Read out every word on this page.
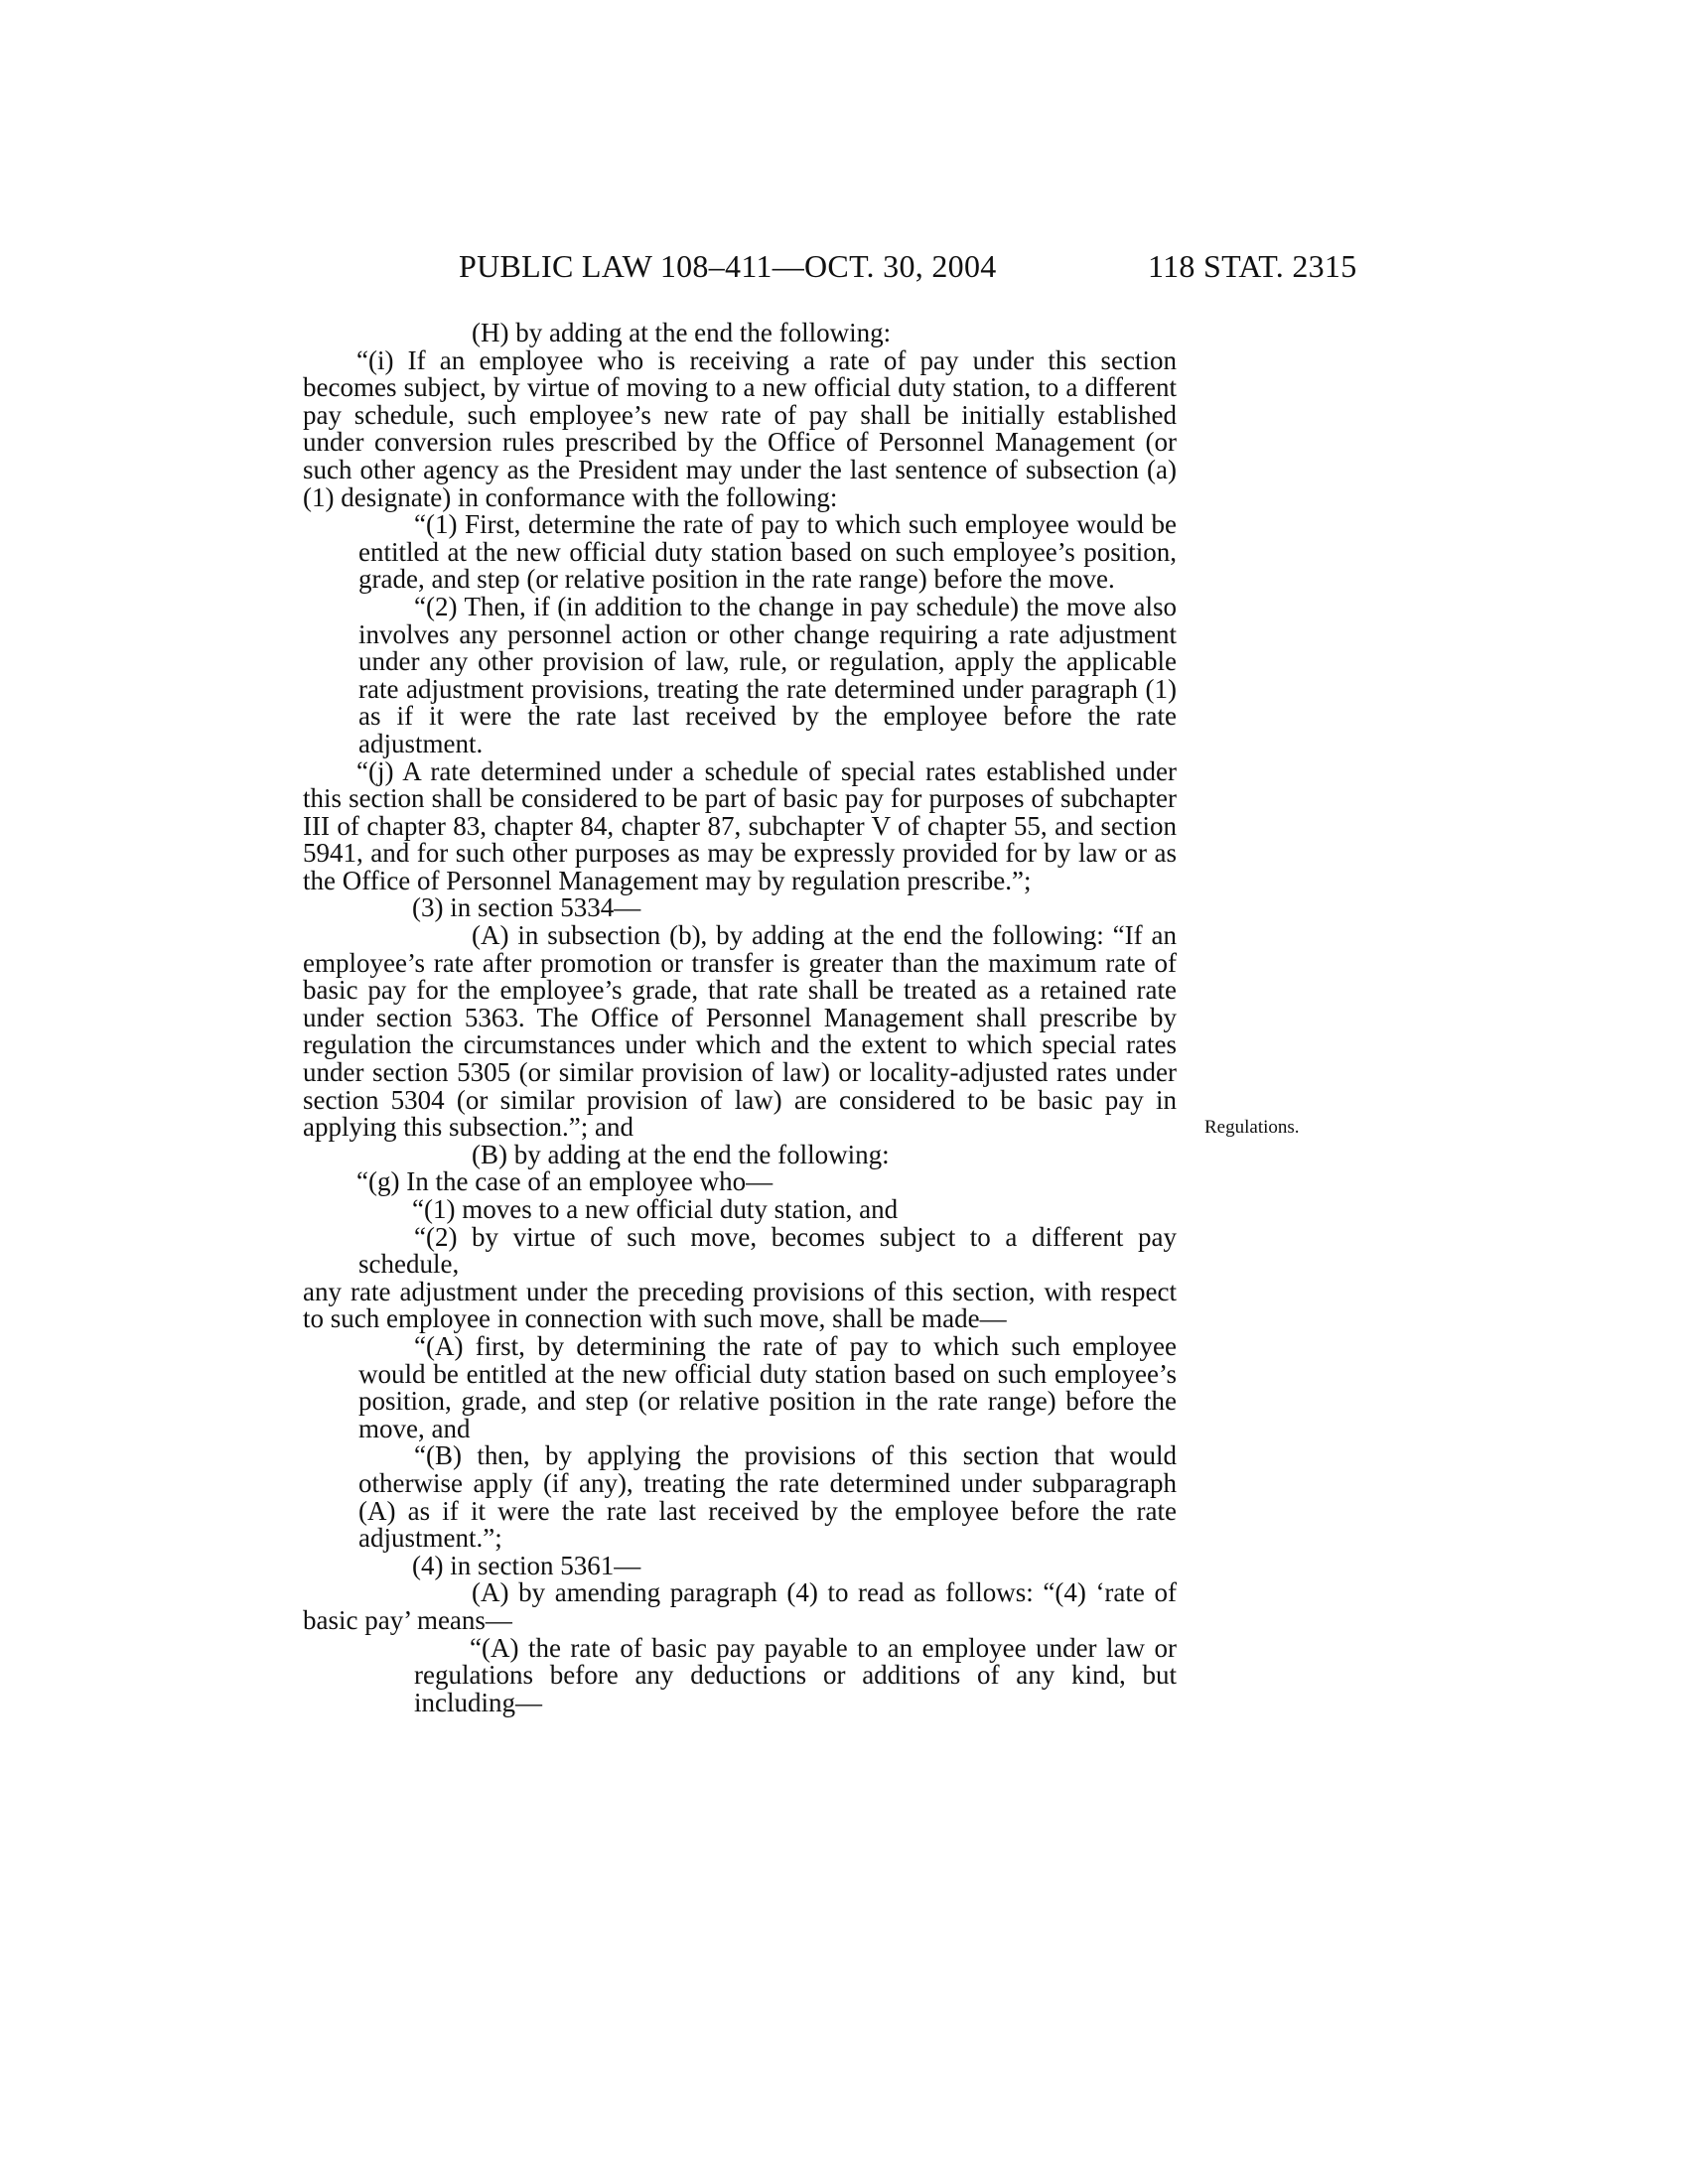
PUBLIC LAW 108–411—OCT. 30, 2004	118 STAT. 2315

(H) by adding at the end the following:

“(i) If an employee who is receiving a rate of pay under this section becomes subject, by virtue of moving to a new official duty station, to a different pay schedule, such employee’s new rate of pay shall be initially established under conversion rules prescribed by the Office of Personnel Management (or such other agency as the President may under the last sentence of subsection (a)(1) designate) in conformance with the following:

“(1) First, determine the rate of pay to which such employee would be entitled at the new official duty station based on such employee’s position, grade, and step (or relative position in the rate range) before the move.

“(2) Then, if (in addition to the change in pay schedule) the move also involves any personnel action or other change requiring a rate adjustment under any other provision of law, rule, or regulation, apply the applicable rate adjustment provisions, treating the rate determined under paragraph (1) as if it were the rate last received by the employee before the rate adjustment.

“(j) A rate determined under a schedule of special rates established under this section shall be considered to be part of basic pay for purposes of subchapter III of chapter 83, chapter 84, chapter 87, subchapter V of chapter 55, and section 5941, and for such other purposes as may be expressly provided for by law or as the Office of Personnel Management may by regulation prescribe.”;

(3) in section 5334—

(A) in subsection (b), by adding at the end the following: “If an employee’s rate after promotion or transfer is greater than the maximum rate of basic pay for the employee’s grade, that rate shall be treated as a retained rate under section 5363. The Office of Personnel Management shall prescribe by regulation the circumstances under which and the extent to which special rates under section 5305 (or similar provision of law) or locality-adjusted rates under section 5304 (or similar provision of law) are considered to be basic pay in applying this subsection.”; and

(B) by adding at the end the following:

“(g) In the case of an employee who—

“(1) moves to a new official duty station, and

“(2) by virtue of such move, becomes subject to a different pay schedule,

any rate adjustment under the preceding provisions of this section, with respect to such employee in connection with such move, shall be made—

“(A) first, by determining the rate of pay to which such employee would be entitled at the new official duty station based on such employee’s position, grade, and step (or relative position in the rate range) before the move, and

“(B) then, by applying the provisions of this section that would otherwise apply (if any), treating the rate determined under subparagraph (A) as if it were the rate last received by the employee before the rate adjustment.”;

(4) in section 5361—

(A) by amending paragraph (4) to read as follows: “(4) ‘rate of basic pay’ means—

“(A) the rate of basic pay payable to an employee under law or regulations before any deductions or additions of any kind, but including—

Regulations.
